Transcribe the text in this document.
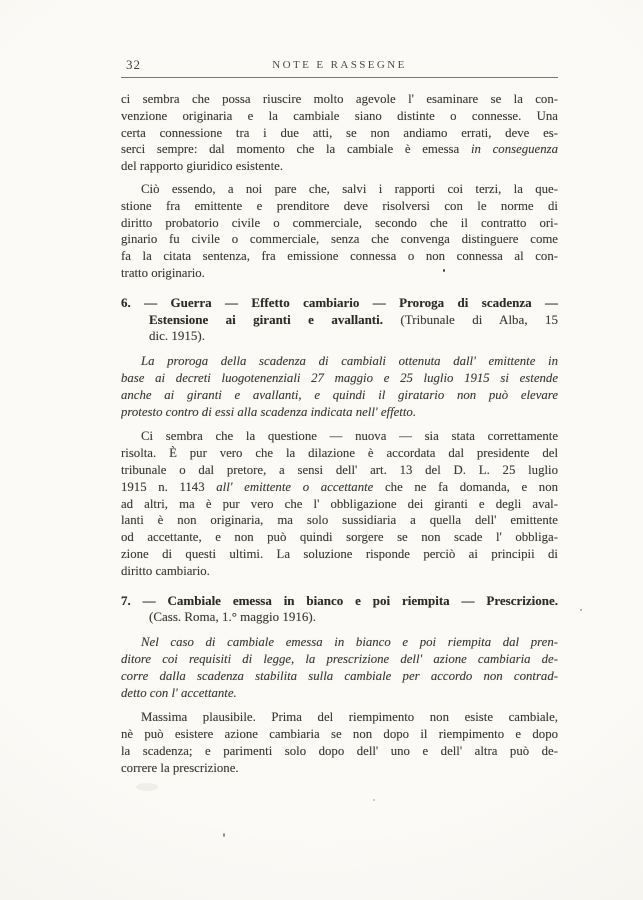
32	NOTE E RASSEGNE

ci sembra che possa riuscire molto agevole l' esaminare se la con-
venzione originaria e la cambiale siano distinte o connesse. Una
certa connessione tra i due atti, se non andiamo errati, deve es-
serci sempre: dal momento che la cambiale è emessa in conseguenza
del rapporto giuridico esistente.

Ciò essendo, a noi pare che, salvi i rapporti coi terzi, la que-
stione fra emittente e prenditore deve risolversi con le norme di
diritto probatorio civile o commerciale, secondo che il contratto ori-
ginario fu civile o commerciale, senza che convenga distinguere come
fa la citata sentenza, fra emissione connessa o non connessa al con-
tratto originario.

6. — Guerra — Effetto cambiario — Proroga di scadenza —
Estensione ai giranti e avallanti. (Tribunale di Alba, 15
dic. 1915).

La proroga della scadenza di cambiali ottenuta dall' emittente in
base ai decreti luogotenenziali 27 maggio e 25 luglio 1915 si estende
anche ai giranti e avallanti, e quindi il giratario non può elevare
protesto contro di essi alla scadenza indicata nell' effetto.

Ci sembra che la questione — nuova — sia stata correttamente
risolta. È pur vero che la dilazione è accordata dal presidente del
tribunale o dal pretore, a sensi dell' art. 13 del D. L. 25 luglio
1915 n. 1143 all' emittente o accettante che ne fa domanda, e non
ad altri, ma è pur vero che l' obbligazione dei giranti e degli aval-
lanti è non originaria, ma solo sussidiaria a quella dell' emittente
od accettante, e non può quindi sorgere se non scade l' obbliga-
zione di questi ultimi. La soluzione risponde perciò ai principii di
diritto cambiario.

7. — Cambiale emessa in bianco e poi riempita — Prescrizione.
(Cass. Roma, 1.° maggio 1916).

Nel caso di cambiale emessa in bianco e poi riempita dal pren-
ditore coi requisiti di legge, la prescrizione dell' azione cambiaria de-
corre dalla scadenza stabilita sulla cambiale per accordo non contrad-
detto con l' accettante.

Massima plausibile. Prima del riempimento non esiste cambiale,
nè può esistere azione cambiaria se non dopo il riempimento e dopo
la scadenza; e parimenti solo dopo dell' uno e dell' altra può de-
correre la prescrizione.
